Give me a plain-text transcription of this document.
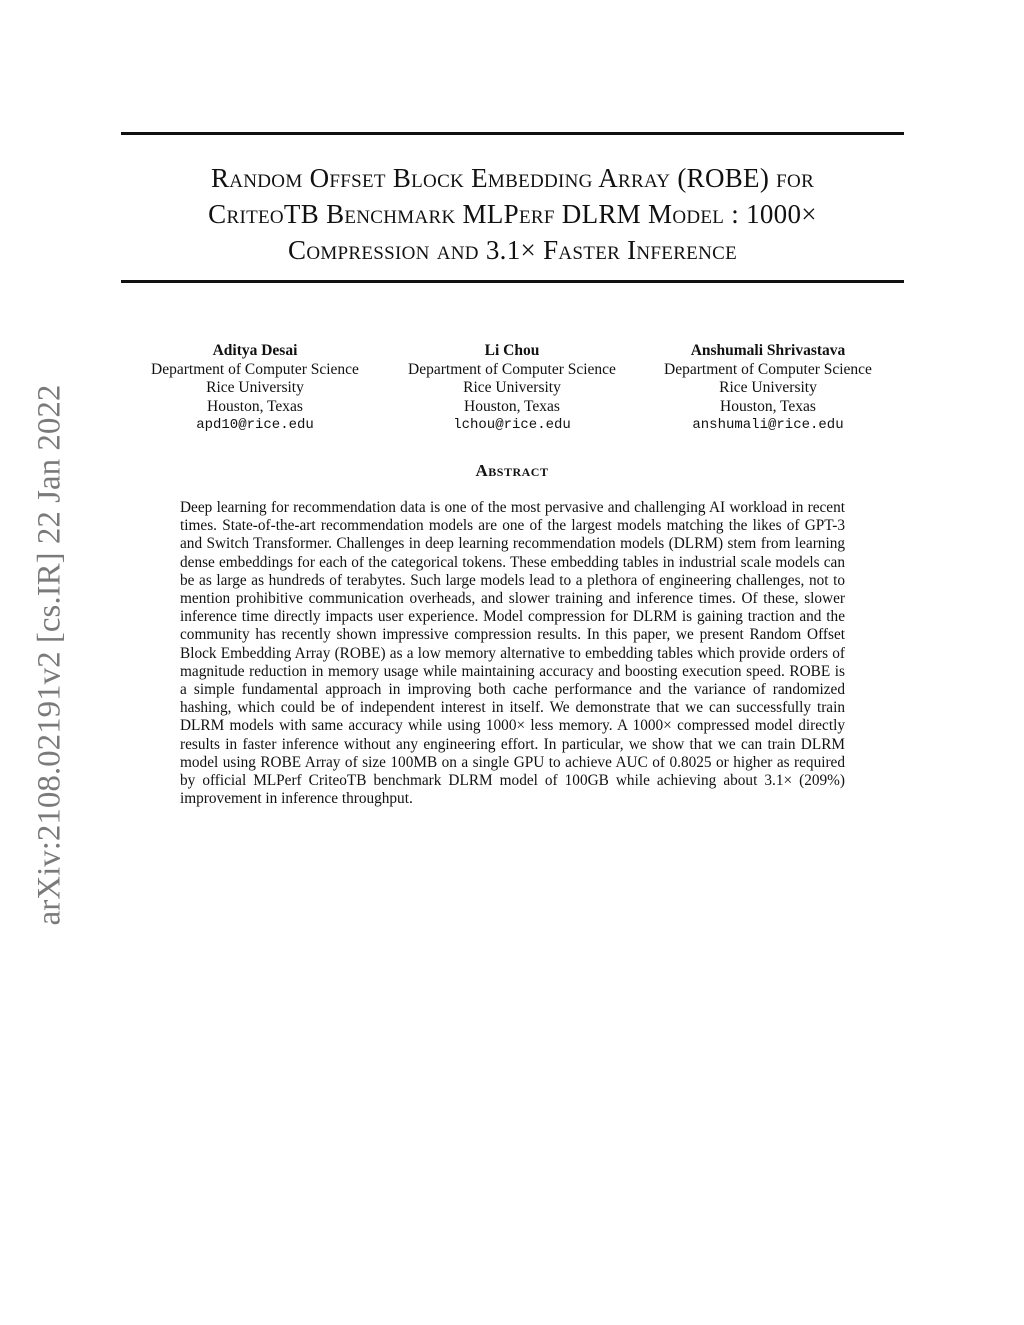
Random Offset Block Embedding Array (ROBE) for
CriteoTB Benchmark MLPerf DLRM Model : 1000×
Compression and 3.1× Faster Inference
Aditya Desai
Department of Computer Science
Rice University
Houston, Texas
apd10@rice.edu
Li Chou
Department of Computer Science
Rice University
Houston, Texas
lchou@rice.edu
Anshumali Shrivastava
Department of Computer Science
Rice University
Houston, Texas
anshumali@rice.edu
Abstract
Deep learning for recommendation data is one of the most pervasive and challenging AI workload in recent times. State-of-the-art recommendation models are one of the largest models matching the likes of GPT-3 and Switch Transformer. Challenges in deep learning recommendation models (DLRM) stem from learning dense embeddings for each of the categorical tokens. These embedding tables in industrial scale models can be as large as hundreds of terabytes. Such large models lead to a plethora of engineering challenges, not to mention prohibitive communication overheads, and slower training and inference times. Of these, slower inference time directly impacts user experience. Model compression for DLRM is gaining traction and the community has recently shown impressive compression results. In this paper, we present Random Offset Block Embedding Array (ROBE) as a low memory alternative to embedding tables which provide orders of magnitude reduction in memory usage while maintaining accuracy and boosting execution speed. ROBE is a simple fundamental approach in improving both cache performance and the variance of randomized hashing, which could be of independent interest in itself. We demonstrate that we can successfully train DLRM models with same accuracy while using 1000× less memory. A 1000× compressed model directly results in faster inference without any engineering effort. In particular, we show that we can train DLRM model using ROBE Array of size 100MB on a single GPU to achieve AUC of 0.8025 or higher as required by official MLPerf CriteoTB benchmark DLRM model of 100GB while achieving about 3.1× (209%) improvement in inference throughput.
arXiv:2108.02191v2 [cs.IR] 22 Jan 2022
